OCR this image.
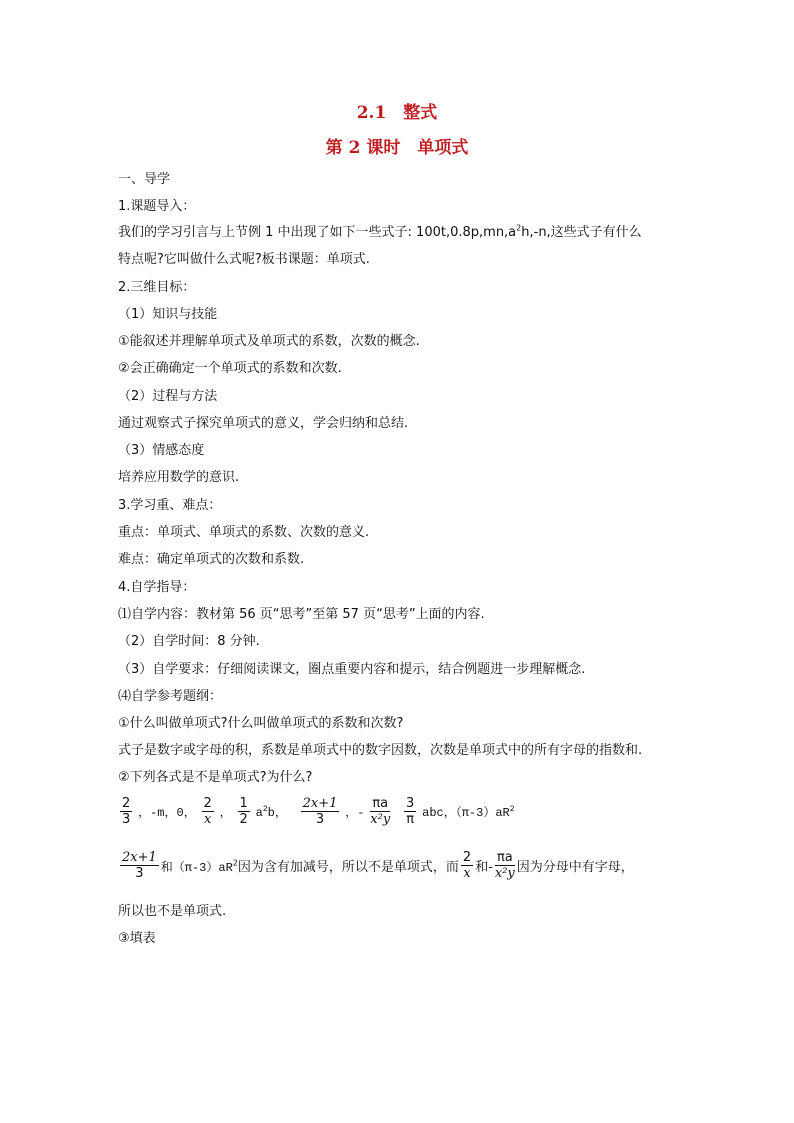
2.1　整式
第 2 课时　单项式
一、导学
1.课题导入：
我们的学习引言与上节例 1 中出现了如下一些式子: $100t,0.8p,mn,a^2h,-n$,这些式子有什么
特点呢?它叫做什么式呢?板书课题：单项式.
2.三维目标：
（1）知识与技能
①能叙述并理解单项式及单项式的系数，次数的概念.
②会正确确定一个单项式的系数和次数.
（2）过程与方法
通过观察式子探究单项式的意义，学会归纳和总结.
（3）情感态度
培养应用数学的意识.
3.学习重、难点：
重点：单项式、单项式的系数、次数的意义.
难点：确定单项式的次数和系数.
4.自学指导：
⑴自学内容：教材第 56 页“思考”至第 57 页“思考”上面的内容.
（2）自学时间：8 分钟.
（3）自学要求：仔细阅读课文，圈点重要内容和提示，结合例题进一步理解概念.
⑷自学参考题纲：
①什么叫做单项式?什么叫做单项式的系数和次数?
式子是数字或字母的积，系数是单项式中的数字因数，次数是单项式中的所有字母的指数和.
②下列各式是不是单项式?为什么?
$\frac{2}{3}$ ，-m，0， $\frac{2}{x}$ ， $\frac{1}{2} a^2b$， $\frac{2x+1}{3}$ ，- $\frac{\pi a}{\text{x²y}}$
$\frac{3}{\pi}$ abc，$(\pi-3)aR^2$
$\frac{2x+1}{3}$ 和$(\pi-3)aR^2$因为含有加减号，所以不是单项式，而 $\frac{2}{x}$ 和- $\frac{\pi a}{\text{x²y}}$ 因为分母中有字母，
所以也不是单项式.
③填表
